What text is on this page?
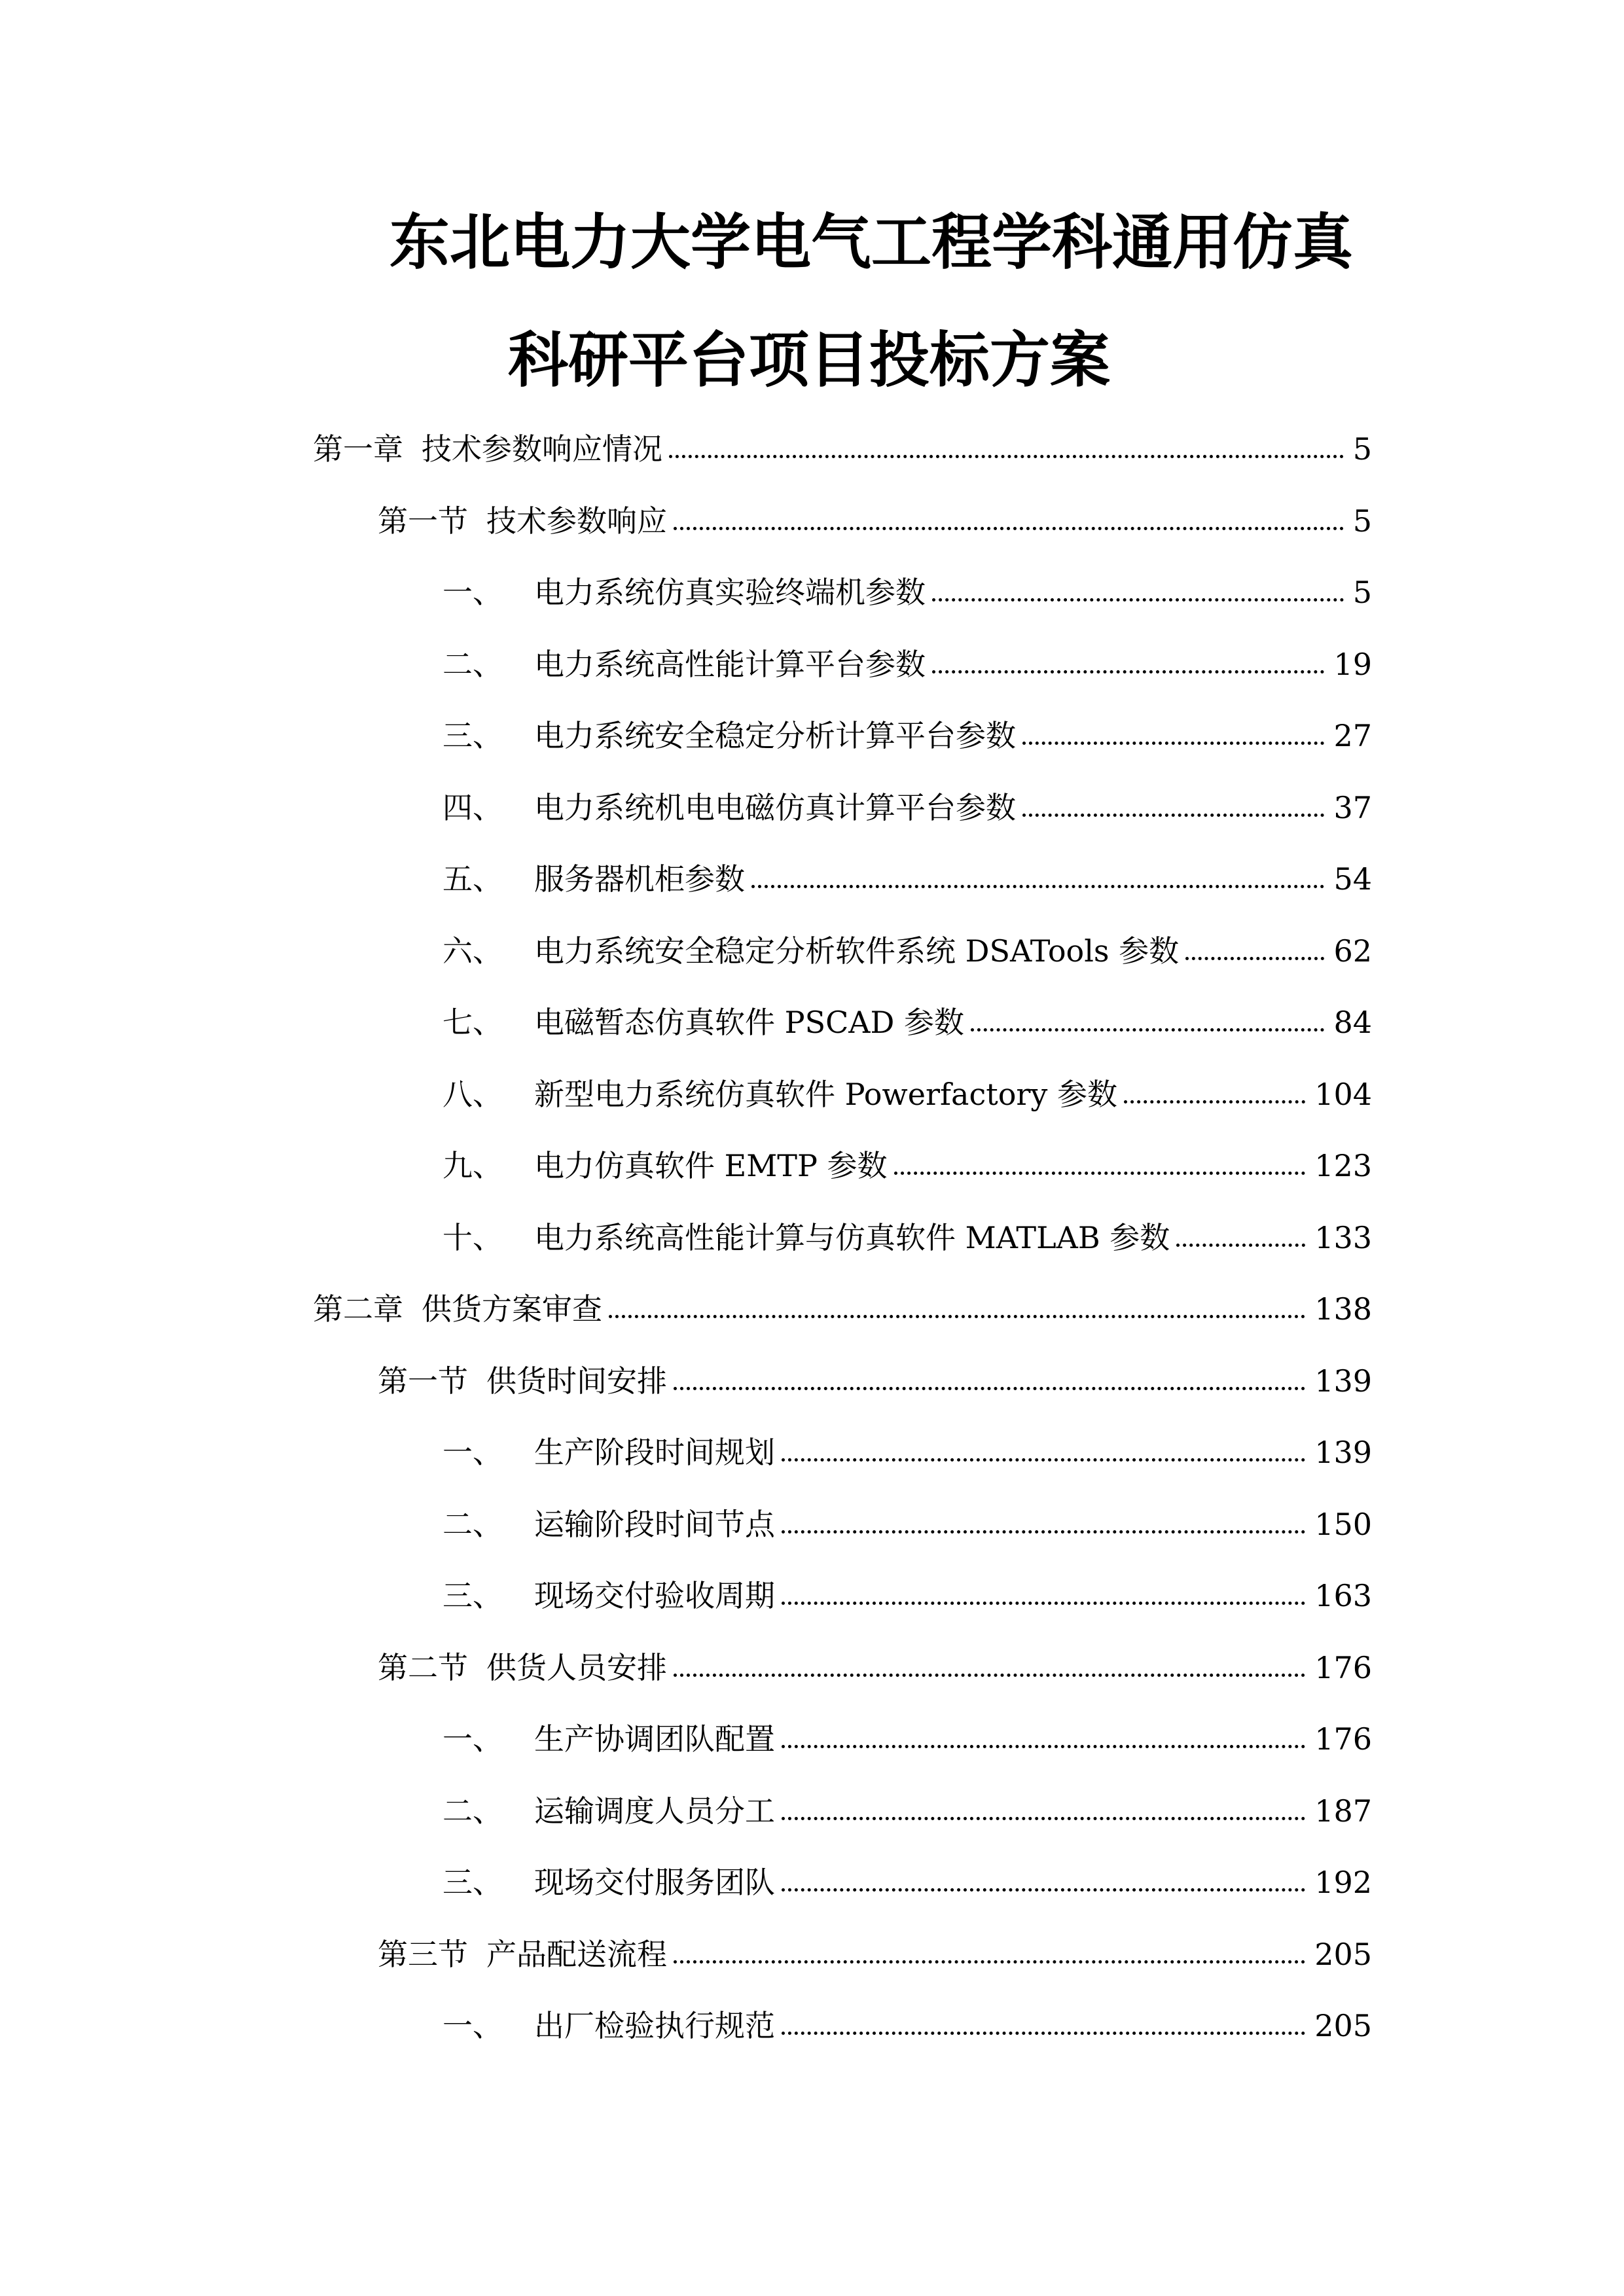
东北电力大学电气工程学科通用仿真
科研平台项目投标方案
第一章 技术参数响应情况	5
第一节 技术参数响应	5
一、 电力系统仿真实验终端机参数	5
二、 电力系统高性能计算平台参数	19
三、 电力系统安全稳定分析计算平台参数	27
四、 电力系统机电电磁仿真计算平台参数	37
五、 服务器机柜参数	54
六、 电力系统安全稳定分析软件系统 DSATools 参数	62
七、 电磁暂态仿真软件 PSCAD 参数	84
八、 新型电力系统仿真软件 Powerfactory 参数	104
九、 电力仿真软件 EMTP 参数	123
十、 电力系统高性能计算与仿真软件 MATLAB 参数	133
第二章 供货方案审查	138
第一节 供货时间安排	139
一、 生产阶段时间规划	139
二、 运输阶段时间节点	150
三、 现场交付验收周期	163
第二节 供货人员安排	176
一、 生产协调团队配置	176
二、 运输调度人员分工	187
三、 现场交付服务团队	192
第三节 产品配送流程	205
一、 出厂检验执行规范	205
